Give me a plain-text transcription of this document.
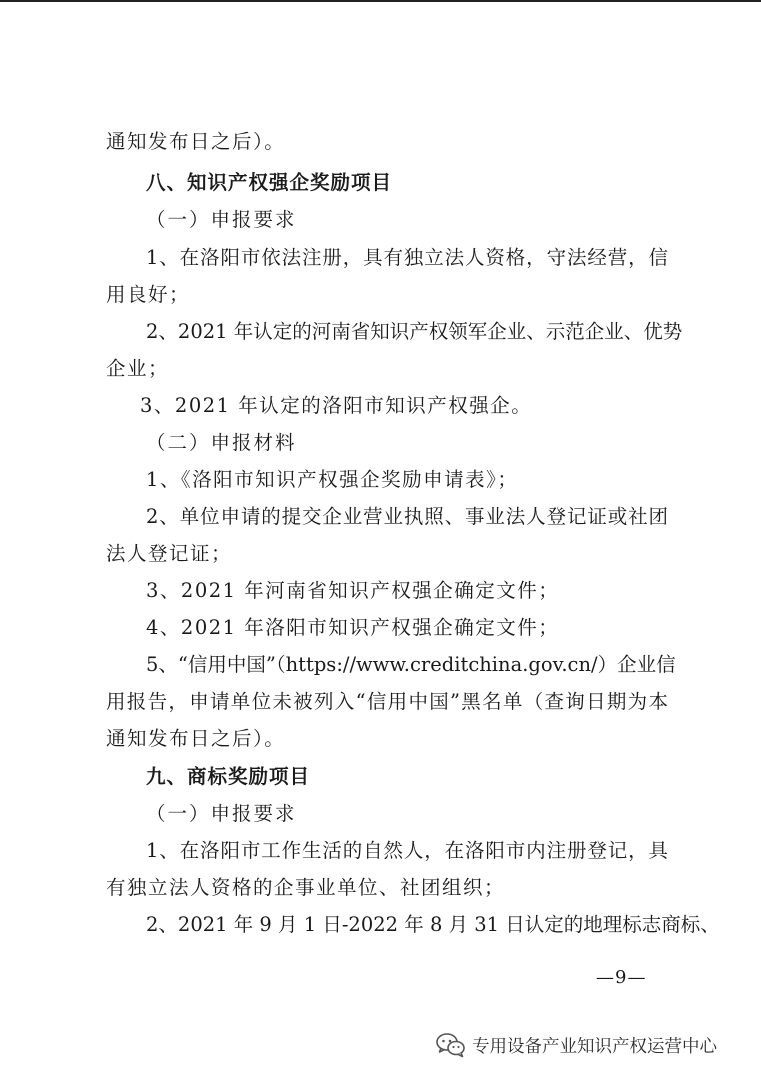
通知发布日之后）。
八、知识产权强企奖励项目
（一）申报要求
1、在洛阳市依法注册，具有独立法人资格，守法经营，信
用良好；
2、2021 年认定的河南省知识产权领军企业、示范企业、优势
企业；
3、2021 年认定的洛阳市知识产权强企。
（二）申报材料
1、《洛阳市知识产权强企奖励申请表》；
2、单位申请的提交企业营业执照、事业法人登记证或社团
法人登记证；
3、2021 年河南省知识产权强企确定文件；
4、2021 年洛阳市知识产权强企确定文件；
5、“信用中国”（https://www.creditchina.gov.cn/）企业信
用报告，申请单位未被列入“信用中国”黑名单（查询日期为本
通知发布日之后）。
九、商标奖励项目
（一）申报要求
1、在洛阳市工作生活的自然人，在洛阳市内注册登记，具
有独立法人资格的企事业单位、社团组织；
2、2021 年 9 月 1 日-2022 年 8 月 31 日认定的地理标志商标、
—9—
专用设备产业知识产权运营中心
